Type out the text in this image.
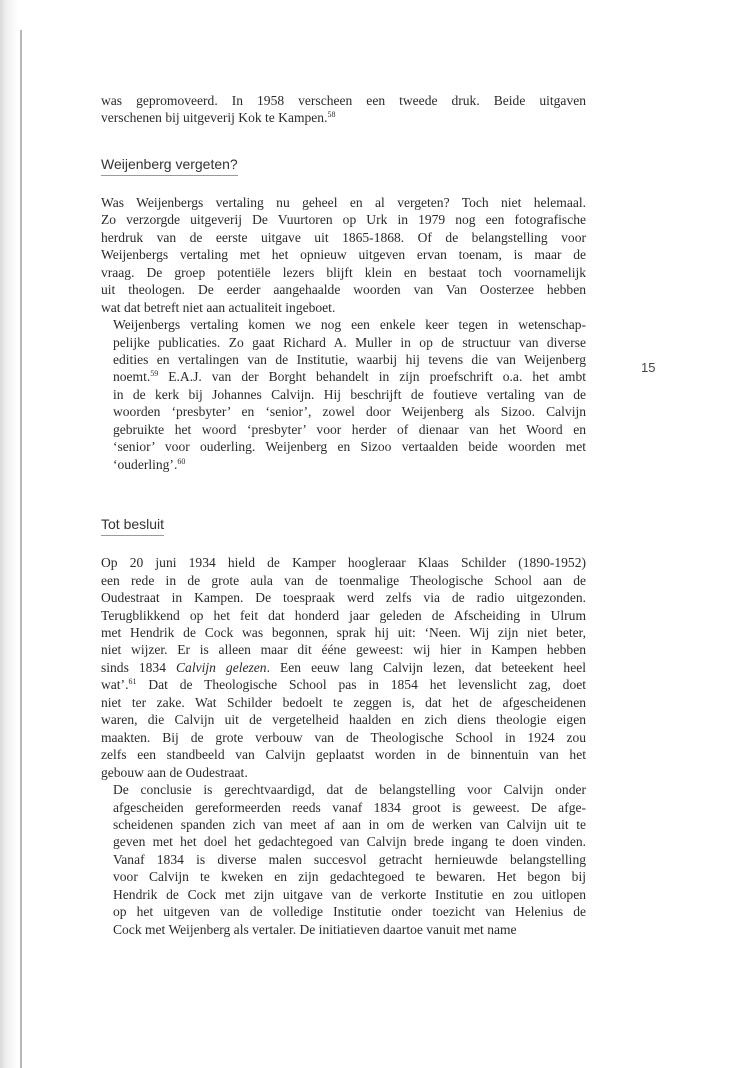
15

was gepromoveerd. In 1958 verscheen een tweede druk. Beide uitgaven
verschenen bij uitgeverij Kok te Kampen.$^{58}$

Weijenberg vergeten?

Was Weijenbergs vertaling nu geheel en al vergeten? Toch niet helemaal.
Zo verzorgde uitgeverij De Vuurtoren op Urk in 1979 nog een fotografische
herdruk van de eerste uitgave uit 1865-1868. Of de belangstelling voor
Weijenbergs vertaling met het opnieuw uitgeven ervan toenam, is maar de
vraag. De groep potentiële lezers blijft klein en bestaat toch voornamelijk
uit theologen. De eerder aangehaalde woorden van Van Oosterzee hebben
wat dat betreft niet aan actualiteit ingeboet.

Weijenbergs vertaling komen we nog een enkele keer tegen in wetenschap-
pelijke publicaties. Zo gaat Richard A. Muller in op de structuur van diverse
edities en vertalingen van de Institutie, waarbij hij tevens die van Weijenberg
noemt.$^{59}$ E.A.J. van der Borght behandelt in zijn proefschrift o.a. het ambt
in de kerk bij Johannes Calvijn. Hij beschrijft de foutieve vertaling van de
woorden ‘presbyter’ en ‘senior’, zowel door Weijenberg als Sizoo. Calvijn
gebruikte het woord ‘presbyter’ voor herder of dienaar van het Woord en
‘senior’ voor ouderling. Weijenberg en Sizoo vertaalden beide woorden met
‘ouderling’.$^{60}$

Tot besluit

Op 20 juni 1934 hield de Kamper hoogleraar Klaas Schilder (1890-1952)
een rede in de grote aula van de toenmalige Theologische School aan de
Oudestraat in Kampen. De toespraak werd zelfs via de radio uitgezonden.
Terugblikkend op het feit dat honderd jaar geleden de Afscheiding in Ulrum
met Hendrik de Cock was begonnen, sprak hij uit: ‘Neen. Wij zijn niet beter,
niet wijzer. Er is alleen maar dit ééne geweest: wij hier in Kampen hebben
sinds 1834 Calvijn gelezen. Een eeuw lang Calvijn lezen, dat beteekent heel
wat’.$^{61}$ Dat de Theologische School pas in 1854 het levenslicht zag, doet
niet ter zake. Wat Schilder bedoelt te zeggen is, dat het de afgescheidenen
waren, die Calvijn uit de vergetelheid haalden en zich diens theologie eigen
maakten. Bij de grote verbouw van de Theologische School in 1924 zou
zelfs een standbeeld van Calvijn geplaatst worden in de binnentuin van het
gebouw aan de Oudestraat.

De conclusie is gerechtvaardigd, dat de belangstelling voor Calvijn onder
afgescheiden gereformeerden reeds vanaf 1834 groot is geweest. De afge-
scheidenen spanden zich van meet af aan in om de werken van Calvijn uit te
geven met het doel het gedachtegoed van Calvijn brede ingang te doen vinden.
Vanaf 1834 is diverse malen succesvol getracht hernieuwde belangstelling
voor Calvijn te kweken en zijn gedachtegoed te bewaren. Het begon bij
Hendrik de Cock met zijn uitgave van de verkorte Institutie en zou uitlopen
op het uitgeven van de volledige Institutie onder toezicht van Helenius de
Cock met Weijenberg als vertaler. De initiatieven daartoe vanuit met name
